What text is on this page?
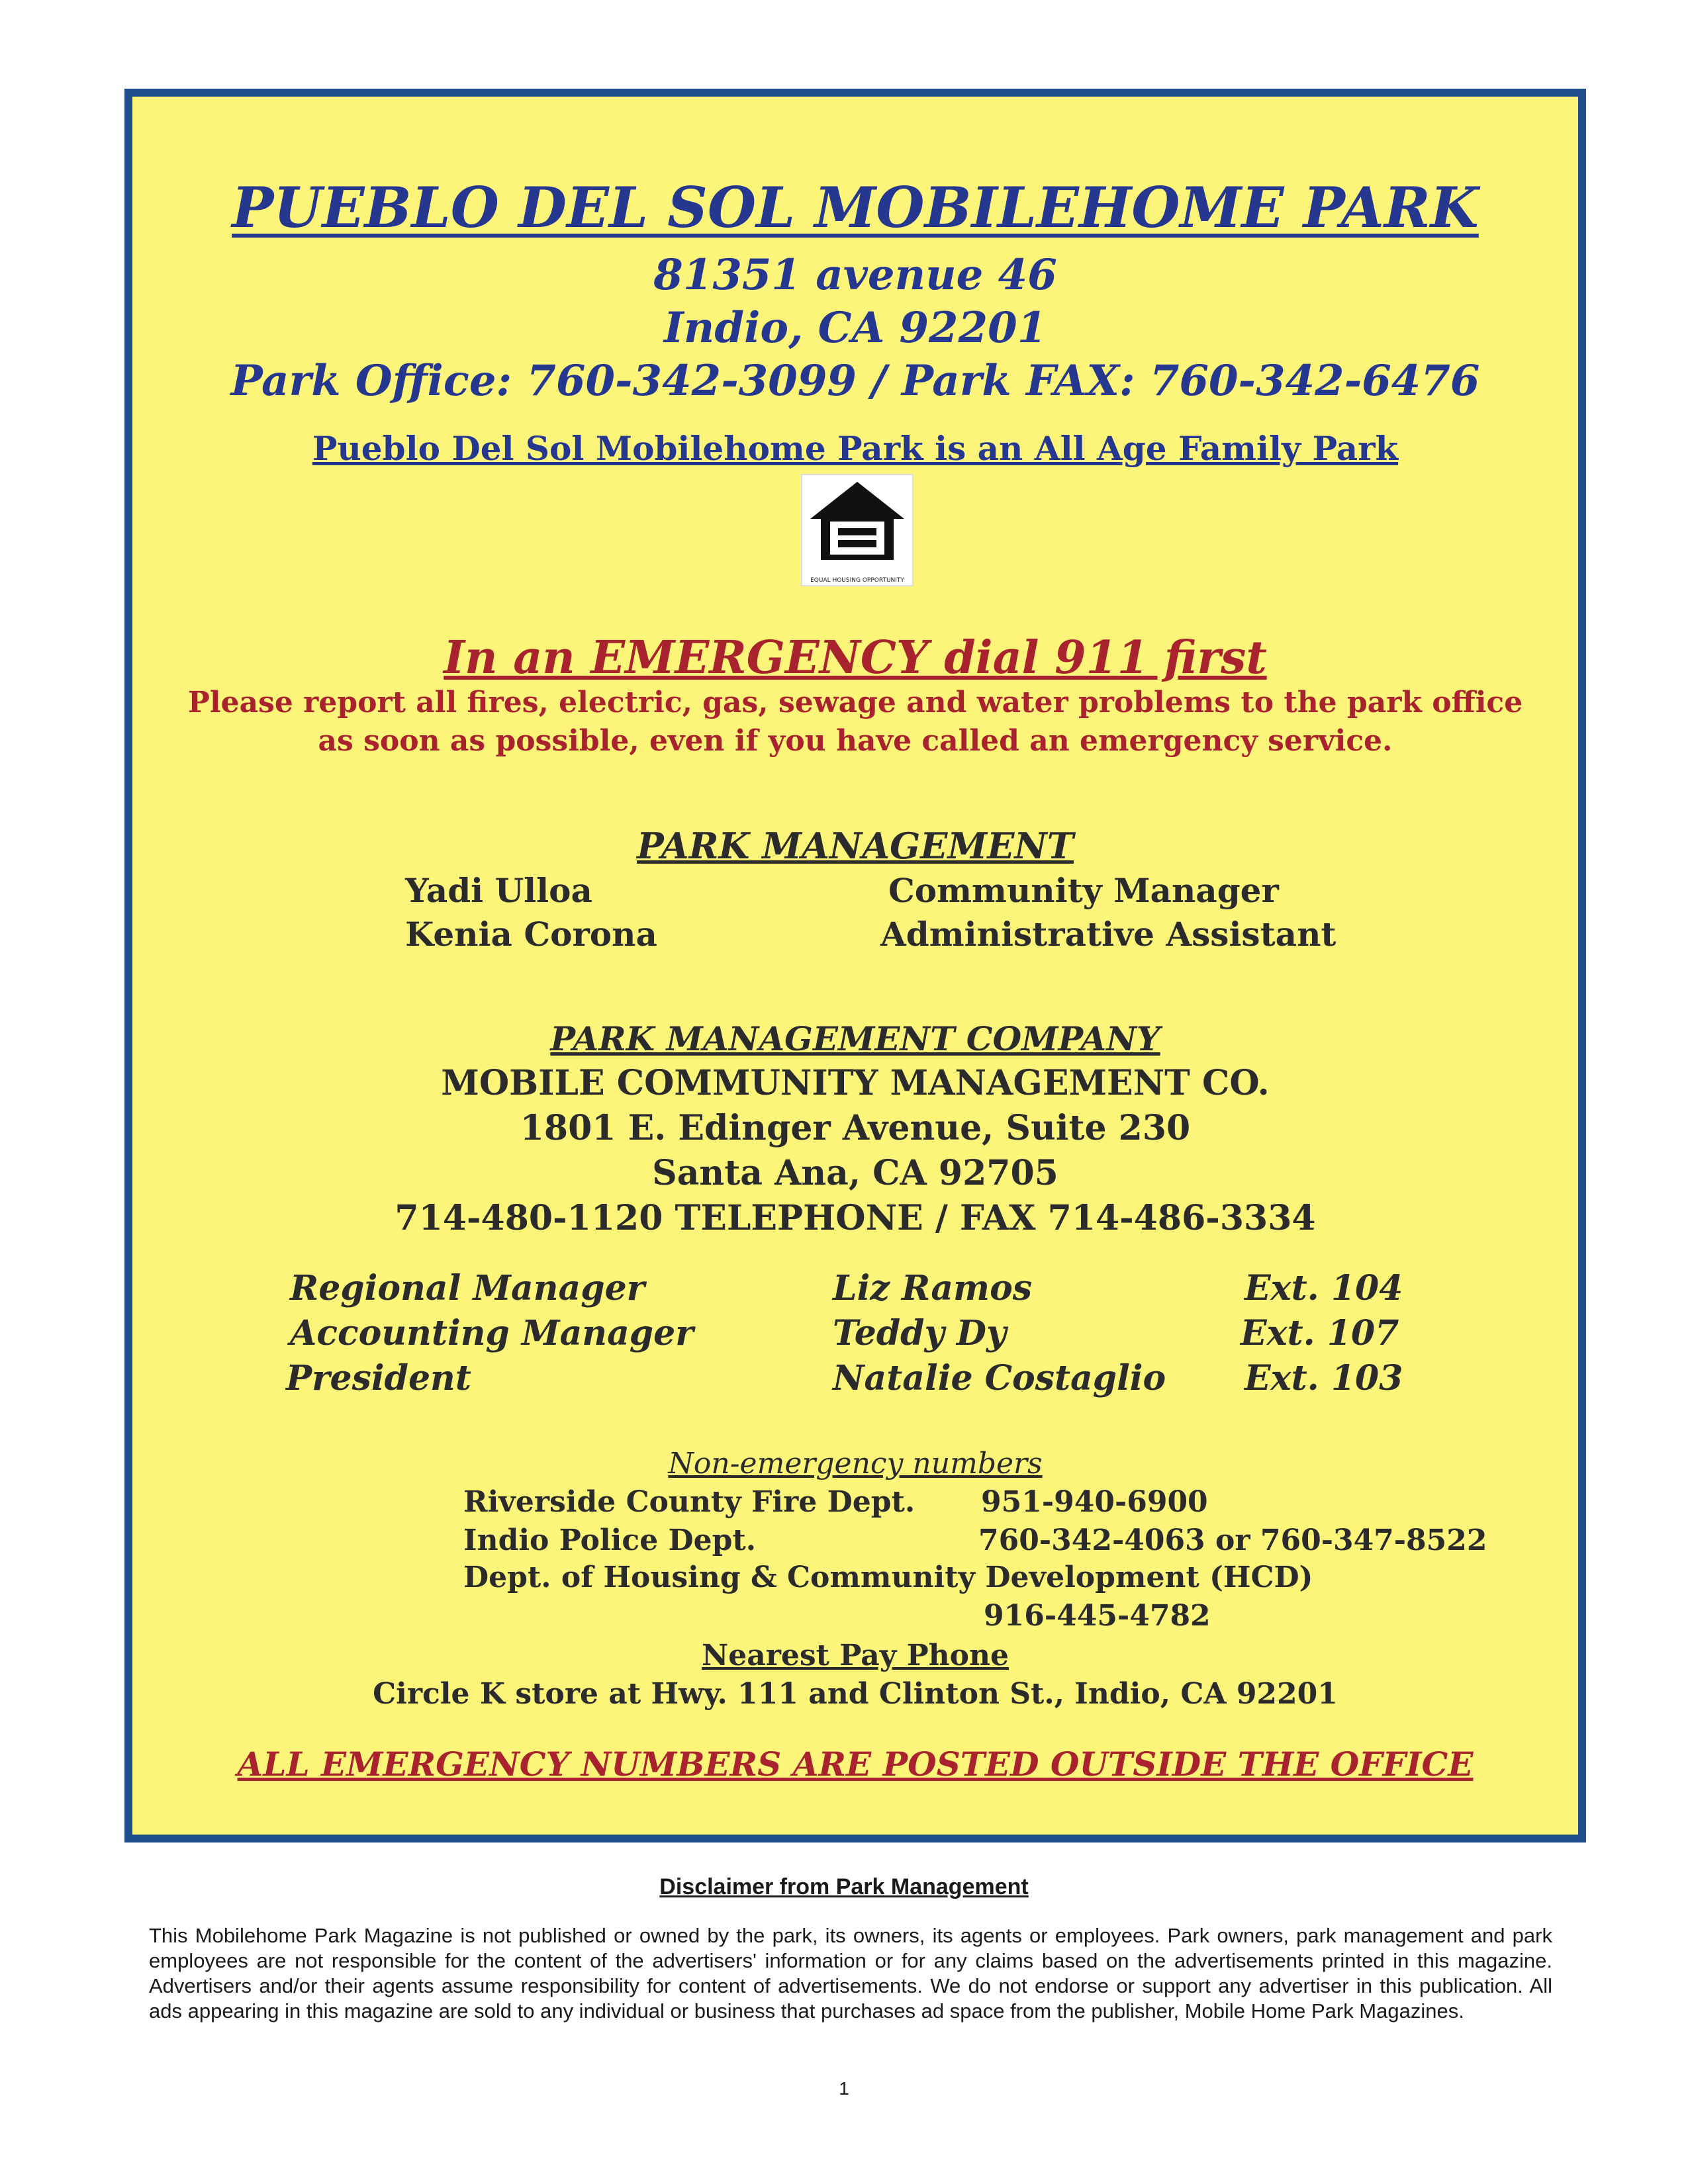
PUEBLO DEL SOL MOBILEHOME PARK
81351 avenue 46
Indio, CA 92201
Park Office: 760-342-3099 / Park FAX: 760-342-6476
Pueblo Del Sol Mobilehome Park is an All Age Family Park
EQUAL HOUSING OPPORTUNITY
In an EMERGENCY dial 911 first
Please report all fires, electric, gas, sewage and water problems to the park office
as soon as possible, even if you have called an emergency service.
PARK MANAGEMENT
Yadi Ulloa	Community Manager
Kenia Corona	Administrative Assistant
PARK MANAGEMENT COMPANY
MOBILE COMMUNITY MANAGEMENT CO.
1801 E. Edinger Avenue, Suite 230
Santa Ana, CA 92705
714-480-1120 TELEPHONE / FAX 714-486-3334
Regional Manager	Liz Ramos	Ext. 104
Accounting Manager	Teddy Dy	Ext. 107
President	Natalie Costaglio Ext. 103
Non-emergency numbers
Riverside County Fire Dept. 951-940-6900
Indio Police Dept.	760-342-4063 or 760-347-8522
Dept. of Housing & Community Development (HCD)
916-445-4782
Nearest Pay Phone
Circle K store at Hwy. 111 and Clinton St., Indio, CA 92201
ALL EMERGENCY NUMBERS ARE POSTED OUTSIDE THE OFFICE
Disclaimer from Park Management
This Mobilehome Park Magazine is not published or owned by the park, its owners, its agents or employees. Park owners, park management and park employees are not responsible for the content of the advertisers' information or for any claims based on the advertisements printed in this magazine. Advertisers and/or their agents assume responsibility for content of advertisements. We do not endorse or support any advertiser in this publication. All ads appearing in this magazine are sold to any individual or business that purchases ad space from the publisher, Mobile Home Park Magazines.
1
